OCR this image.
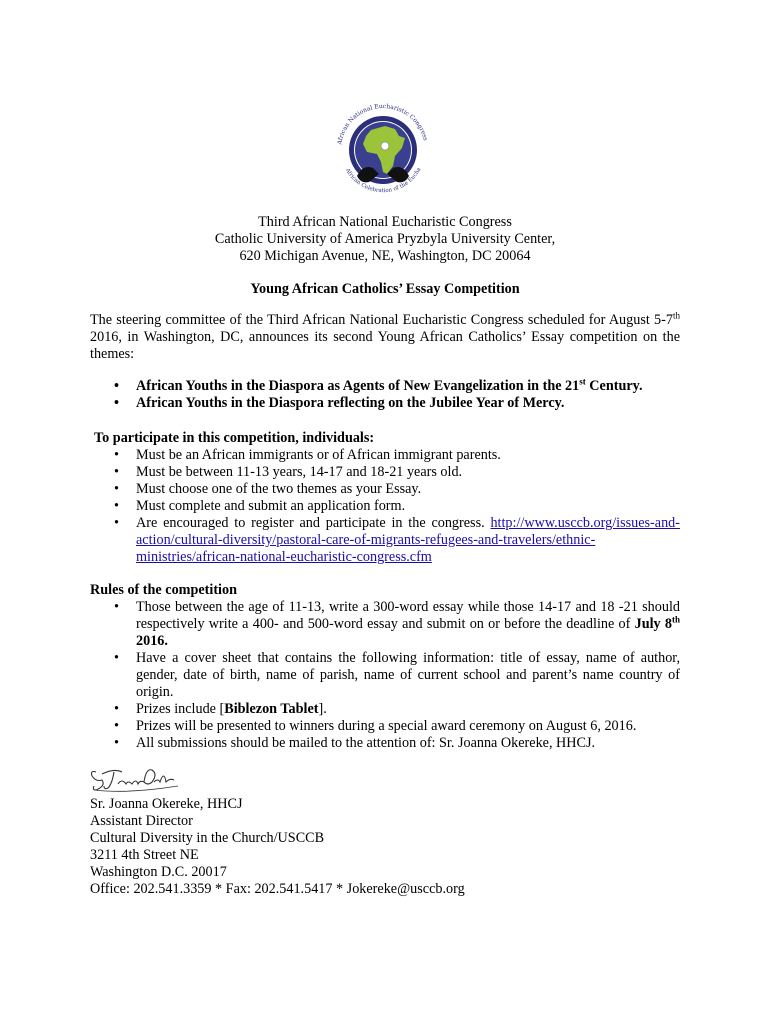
African National Eucharistic Congress
African Celebration of the Eucha
Third African National Eucharistic Congress
Catholic University of America Pryzbyla University Center,
620 Michigan Avenue, NE, Washington, DC 20064
Young African Catholics’ Essay Competition
The steering committee of the Third African National Eucharistic Congress scheduled for August 5-7th 2016, in Washington, DC, announces its second Young African Catholics’ Essay competition on the themes:
• African Youths in the Diaspora as Agents of New Evangelization in the 21st Century.
• African Youths in the Diaspora reflecting on the Jubilee Year of Mercy.
To participate in this competition, individuals:
• Must be an African immigrants or of African immigrant parents.
• Must be between 11-13 years, 14-17 and 18-21 years old.
• Must choose one of the two themes as your Essay.
• Must complete and submit an application form.
• Are encouraged to register and participate in the congress. http://www.usccb.org/issues-and-action/cultural-diversity/pastoral-care-of-migrants-refugees-and-travelers/ethnic-ministries/african-national-eucharistic-congress.cfm
Rules of the competition
• Those between the age of 11-13, write a 300-word essay while those 14-17 and 18 -21 should respectively write a 400- and 500-word essay and submit on or before the deadline of July 8th 2016.
• Have a cover sheet that contains the following information: title of essay, name of author, gender, date of birth, name of parish, name of current school and parent’s name country of origin.
• Prizes include [Biblezon Tablet].
• Prizes will be presented to winners during a special award ceremony on August 6, 2016.
• All submissions should be mailed to the attention of: Sr. Joanna Okereke, HHCJ.
Sr. Joanna Okereke, HHCJ
Assistant Director
Cultural Diversity in the Church/USCCB
3211 4th Street NE
Washington D.C. 20017
Office: 202.541.3359 * Fax: 202.541.5417 * Jokereke@usccb.org
